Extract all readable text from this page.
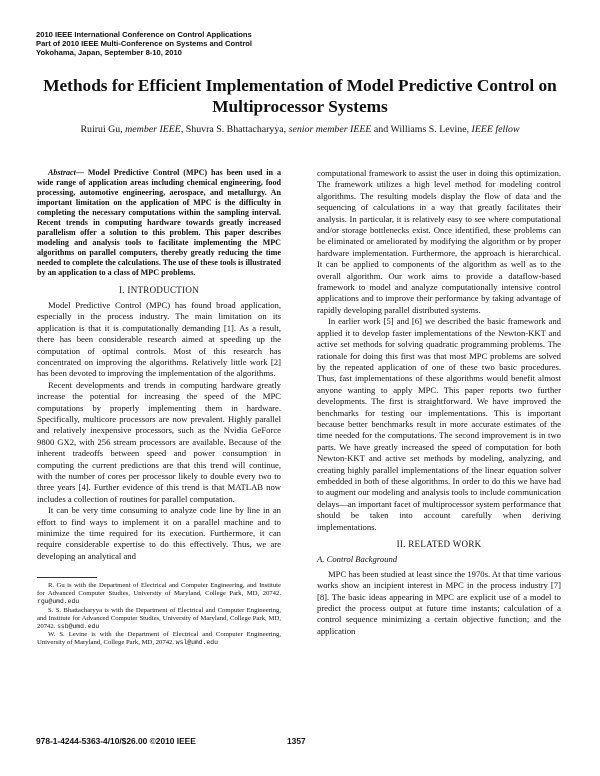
2010 IEEE International Conference on Control Applications
Part of 2010 IEEE Multi-Conference on Systems and Control
Yokohama, Japan, September 8-10, 2010
Methods for Efficient Implementation of Model Predictive Control on
Multiprocessor Systems
Ruirui Gu, member IEEE, Shuvra S. Bhattacharyya, senior member IEEE and Williams S. Levine, IEEE fellow

Abstract— Model Predictive Control (MPC) has been used in a wide range of application areas including chemical engineering, food processing, automotive engineering, aerospace, and metallurgy. An important limitation on the application of MPC is the difficulty in completing the necessary computations within the sampling interval. Recent trends in computing hardware towards greatly increased parallelism offer a solution to this problem. This paper describes modeling and analysis tools to facilitate implementing the MPC algorithms on parallel computers, thereby greatly reducing the time needed to complete the calculations. The use of these tools is illustrated by an application to a class of MPC problems.

I. INTRODUCTION

Model Predictive Control (MPC) has found broad application, especially in the process industry. The main limitation on its application is that it is computationally demanding [1]. As a result, there has been considerable research aimed at speeding up the computation of optimal controls. Most of this research has concentrated on improving the algorithms. Relatively little work [2] has been devoted to improving the implementation of the algorithms.

Recent developments and trends in computing hardware greatly increase the potential for increasing the speed of the MPC computations by properly implementing them in hardware. Specifically, multicore processors are now prevalent. Highly parallel and relatively inexpensive processors, such as the Nvidia GeForce 9800 GX2, with 256 stream processors are available. Because of the inherent tradeoffs between speed and power consumption in computing the current predictions are that this trend will continue, with the number of cores per processor likely to double every two to three years [4]. Further evidence of this trend is that MATLAB now includes a collection of routines for parallel computation.

It can be very time consuming to analyze code line by line in an effort to find ways to implement it on a parallel machine and to minimize the time required for its execution. Furthermore, it can require considerable expertise to do this effectively. Thus, we are developing an analytical and

R. Gu is with the Department of Electrical and Computer Engineering, and Institute for Advanced Computer Studies, University of Maryland, College Park, MD, 20742. rgu@umd.edu

S. S. Bhattacharyya is with the Department of Electrical and Computer Engineering, and Institute for Advanced Computer Studies, University of Maryland, College Park, MD, 20742. ssb@umd.edu

W. S. Levine is with the Department of Electrical and Computer Engineering, University of Maryland, College Park, MD, 20742. wsl@umd.edu

computational framework to assist the user in doing this optimization. The framework utilizes a high level method for modeling control algorithms. The resulting models display the flow of data and the sequencing of calculations in a way that greatly facilitates their analysis. In particular, it is relatively easy to see where computational and/or storage bottlenecks exist. Once identified, these problems can be eliminated or ameliorated by modifying the algorithm or by proper hardware implementation. Furthermore, the approach is hierarchical. It can be applied to components of the algorithm as well as to the overall algorithm. Our work aims to provide a dataflow-based framework to model and analyze computationally intensive control applications and to improve their performance by taking advantage of rapidly developing parallel distributed systems.

In earlier work [5] and [6] we described the basic framework and applied it to develop faster implementations of the Newton-KKT and active set methods for solving quadratic programming problems. The rationale for doing this first was that most MPC problems are solved by the repeated application of one of these two basic procedures. Thus, fast implementations of these algorithms would benefit almost anyone wanting to apply MPC. This paper reports two further developments. The first is straightforward. We have improved the benchmarks for testing our implementations. This is important because better benchmarks result in more accurate estimates of the time needed for the computations. The second improvement is in two parts. We have greatly increased the speed of computation for both Newton-KKT and active set methods by modeling, analyzing, and creating highly parallel implementations of the linear equation solver embedded in both of these algorithms. In order to do this we have had to augment our modeling and analysis tools to include communication delays—an important facet of multiprocessor system performance that should be taken into account carefully when deriving implementations.

II. RELATED WORK
A. Control Background

MPC has been studied at least since the 1970s. At that time various works show an incipient interest in MPC in the process industry [7][8]. The basic ideas appearing in MPC are explicit use of a model to predict the process output at future time instants; calculation of a control sequence minimizing a certain objective function; and the application

978-1-4244-5363-4/10/$26.00 ©2010 IEEE	1357
